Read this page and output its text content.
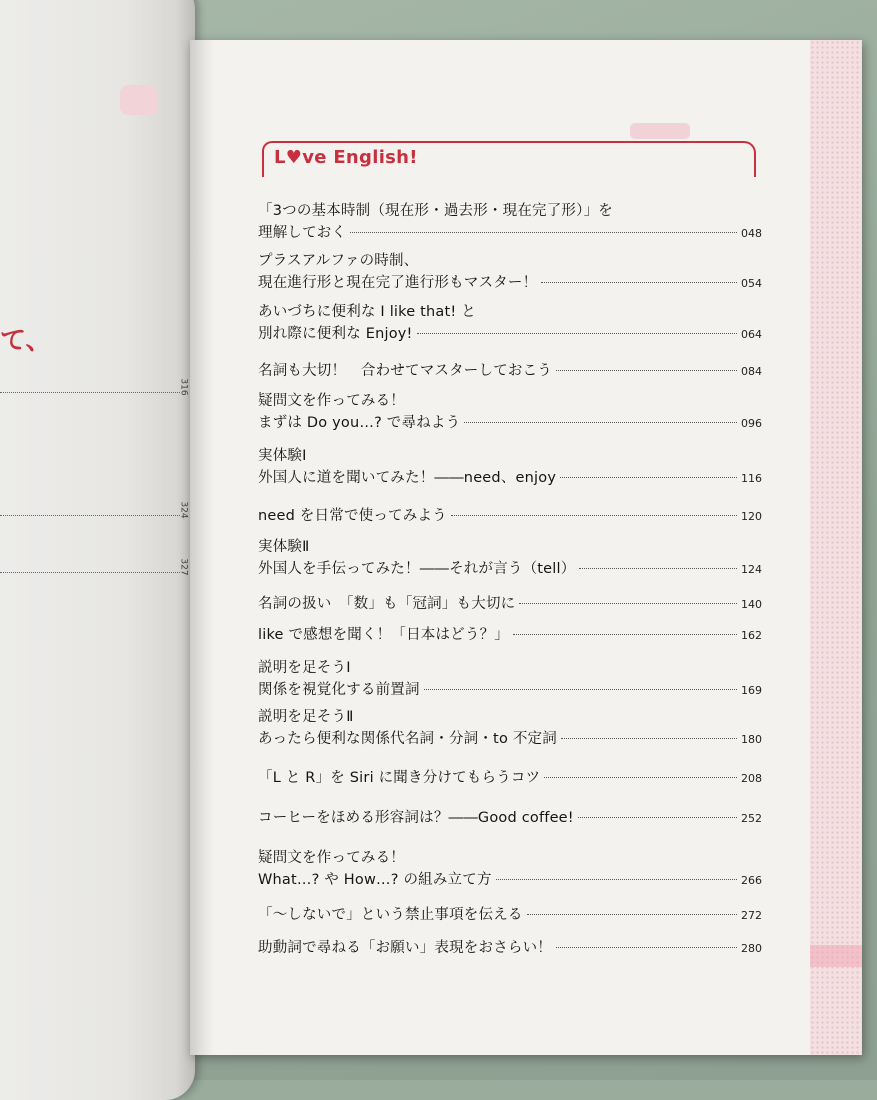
て、
316
324
327
L♥ve English!
「3つの基本時制（現在形・過去形・現在完了形）」を
理解しておく	048
プラスアルファの時制、
現在進行形と現在完了進行形もマスター！	054
あいづちに便利な I like that! と
別れ際に便利な Enjoy!	064
名詞も大切！　合わせてマスターしておこう	084
疑問文を作ってみる！
まずは Do you…? で尋ねよう	096
実体験Ⅰ
外国人に道を聞いてみた！――need、enjoy	116
need を日常で使ってみよう	120
実体験Ⅱ
外国人を手伝ってみた！――それが言う（tell）	124
名詞の扱い　「数」も「冠詞」も大切に	140
like で感想を聞く！「日本はどう？」	162
説明を足そうⅠ
関係を視覚化する前置詞	169
説明を足そうⅡ
あったら便利な関係代名詞・分詞・to 不定詞	180
「L と R」を Siri に聞き分けてもらうコツ	208
コーヒーをほめる形容詞は？――Good coffee!	252
疑問文を作ってみる！
What…? や How…? の組み立て方	266
「～しないで」という禁止事項を伝える	272
助動詞で尋ねる「お願い」表現をおさらい！	280
